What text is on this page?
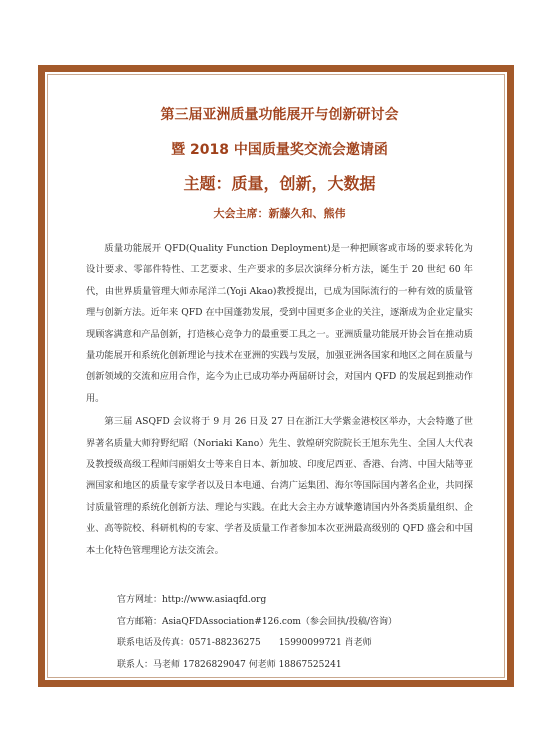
第三届亚洲质量功能展开与创新研讨会
暨 2018 中国质量奖交流会邀请函
主题：质量，创新，大数据
大会主席：新藤久和、熊伟

质量功能展开 QFD(Quality Function Deployment)是一种把顾客或市场的要求转化为设计要求、零部件特性、工艺要求、生产要求的多层次演绎分析方法，诞生于 20 世纪 60 年代，由世界质量管理大师赤尾洋二(Yoji Akao)教授提出，已成为国际流行的一种有效的质量管理与创新方法。近年来 QFD 在中国蓬勃发展，受到中国更多企业的关注，逐渐成为企业定量实现顾客满意和产品创新，打造核心竞争力的最重要工具之一。亚洲质量功能展开协会旨在推动质量功能展开和系统化创新理论与技术在亚洲的实践与发展，加强亚洲各国家和地区之间在质量与创新领域的交流和应用合作，迄今为止已成功举办两届研讨会，对国内 QFD 的发展起到推动作用。

第三届 ASQFD 会议将于 9 月 26 日及 27 日在浙江大学紫金港校区举办，大会特邀了世界著名质量大师狩野纪昭（Noriaki Kano）先生、敦煌研究院院长王旭东先生、全国人大代表及教授级高级工程师闫丽娟女士等来自日本、新加坡、印度尼西亚、香港、台湾、中国大陆等亚洲国家和地区的质量专家学者以及日本电通、台湾广运集团、海尔等国际国内著名企业，共同探讨质量管理的系统化创新方法、理论与实践。在此大会主办方诚挚邀请国内外各类质量组织、企业、高等院校、科研机构的专家、学者及质量工作者参加本次亚洲最高级别的 QFD 盛会和中国本土化特色管理理论方法交流会。

官方网址：http://www.asiaqfd.org
官方邮箱：AsiaQFDAssociation#126.com（参会回执/投稿/咨询）
联系电话及传真：0571-88236275　　15990099721 肖老师
联系人：马老师 17826829047 何老师 18867525241
